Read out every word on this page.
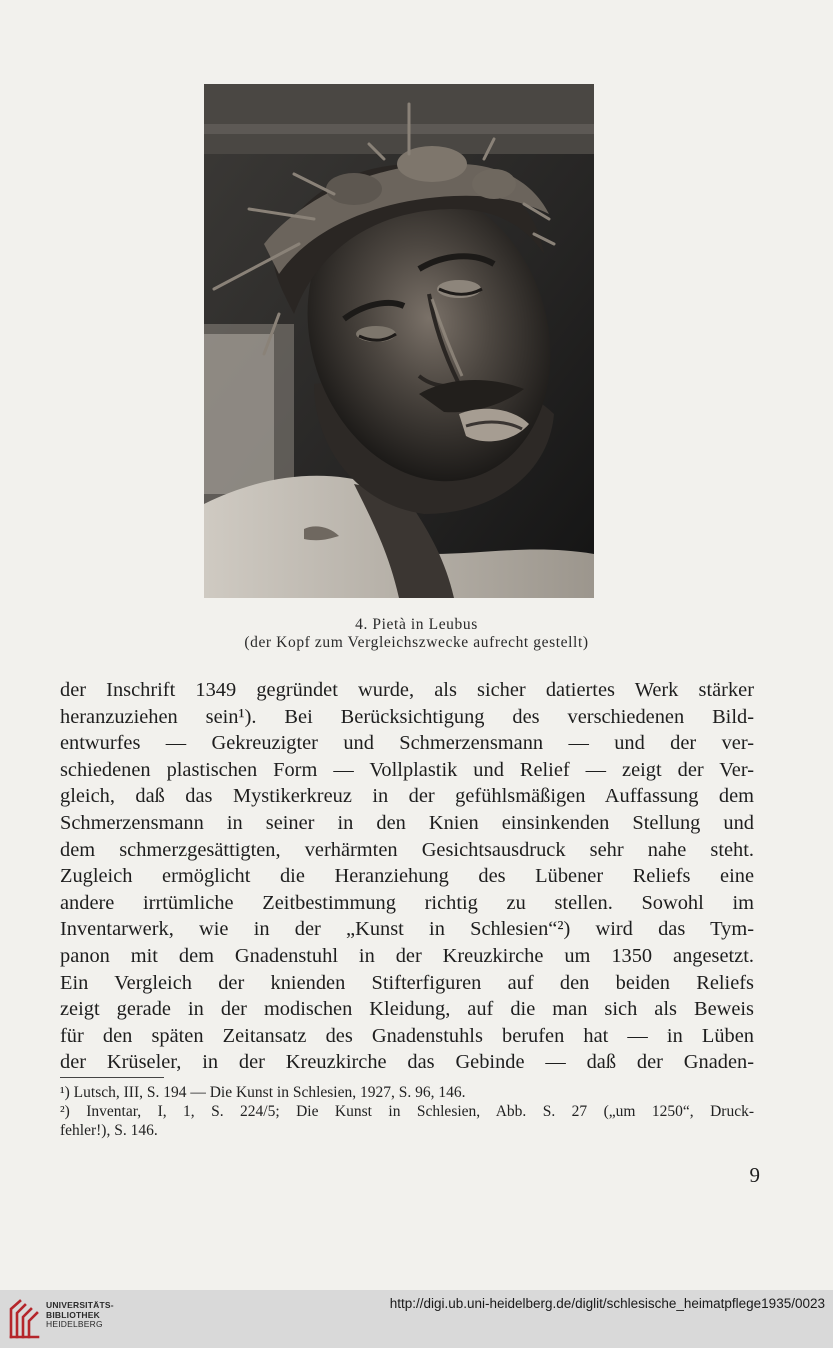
4. Pietà in Leubus
(der Kopf zum Vergleichszwecke aufrecht gestellt)
der Inschrift 1349 gegründet wurde, als sicher datiertes Werk stärker
heranzuziehen sein¹). Bei Berücksichtigung des verschiedenen Bild-
entwurfes — Gekreuzigter und Schmerzensmann — und der ver-
schiedenen plastischen Form — Vollplastik und Relief — zeigt der Ver-
gleich, daß das Mystikerkreuz in der gefühlsmäßigen Auffassung dem
Schmerzensmann in seiner in den Knien einsinkenden Stellung und
dem schmerzgesättigten, verhärmten Gesichtsausdruck sehr nahe steht.
Zugleich ermöglicht die Heranziehung des Lübener Reliefs eine
andere irrtümliche Zeitbestimmung richtig zu stellen. Sowohl im
Inventarwerk, wie in der „Kunst in Schlesien“²) wird das Tym-
panon mit dem Gnadenstuhl in der Kreuzkirche um 1350 angesetzt.
Ein Vergleich der knienden Stifterfiguren auf den beiden Reliefs
zeigt gerade in der modischen Kleidung, auf die man sich als Beweis
für den späten Zeitansatz des Gnadenstuhls berufen hat — in Lüben
der Krüseler, in der Kreuzkirche das Gebinde — daß der Gnaden-
¹) Lutsch, III, S. 194 — Die Kunst in Schlesien, 1927, S. 96, 146.
²) Inventar, I, 1, S. 224/5; Die Kunst in Schlesien, Abb. S. 27 („um 1250“, Druck-
fehler!), S. 146.
9
UNIVERSITÄTS-
BIBLIOTHEK
HEIDELBERG
http://digi.ub.uni-heidelberg.de/diglit/schlesische_heimatpflege1935/0023
